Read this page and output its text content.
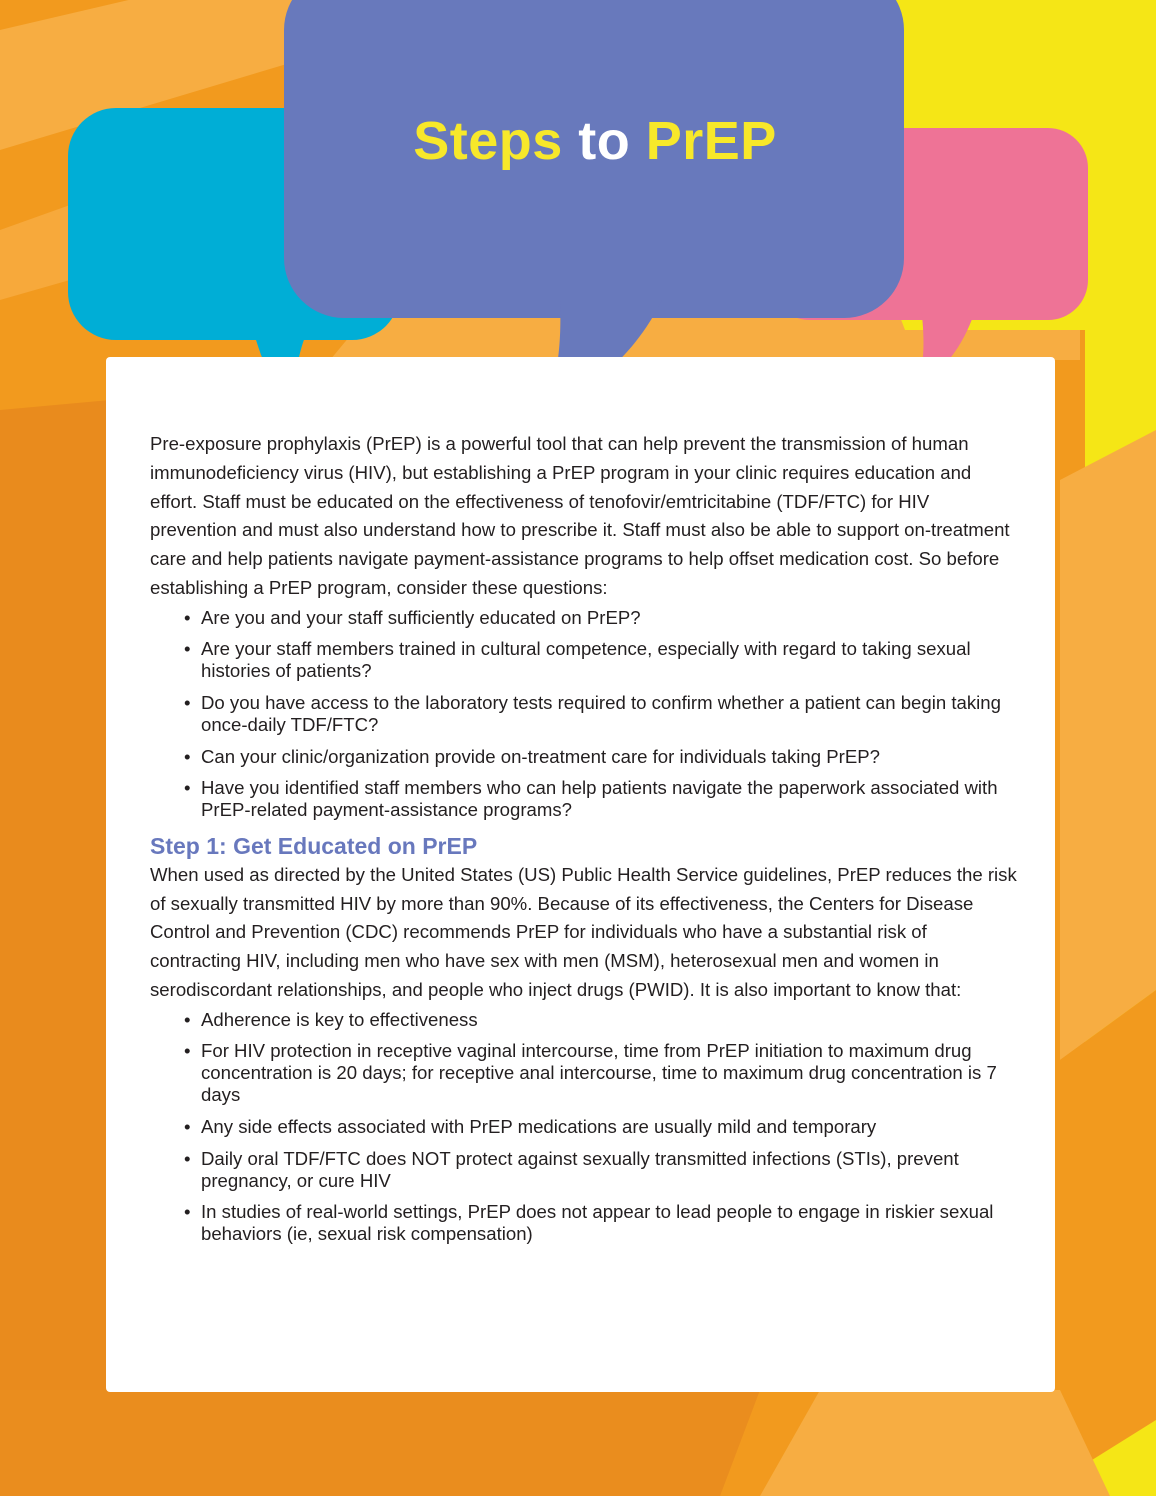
Steps to PrEP

Pre-exposure prophylaxis (PrEP) is a powerful tool that can help prevent the transmission of human immunodeficiency virus (HIV), but establishing a PrEP program in your clinic requires education and effort. Staff must be educated on the effectiveness of tenofovir/emtricitabine (TDF/FTC) for HIV prevention and must also understand how to prescribe it. Staff must also be able to support on-treatment care and help patients navigate payment-assistance programs to help offset medication cost. So before establishing a PrEP program, consider these questions:

• Are you and your staff sufficiently educated on PrEP?
• Are your staff members trained in cultural competence, especially with regard to taking sexual histories of patients?
• Do you have access to the laboratory tests required to confirm whether a patient can begin taking once-daily TDF/FTC?
• Can your clinic/organization provide on-treatment care for individuals taking PrEP?
• Have you identified staff members who can help patients navigate the paperwork associated with PrEP-related payment-assistance programs?
Step 1: Get Educated on PrEP

When used as directed by the United States (US) Public Health Service guidelines, PrEP reduces the risk of sexually transmitted HIV by more than 90%. Because of its effectiveness, the Centers for Disease Control and Prevention (CDC) recommends PrEP for individuals who have a substantial risk of contracting HIV, including men who have sex with men (MSM), heterosexual men and women in serodiscordant relationships, and people who inject drugs (PWID). It is also important to know that:

• Adherence is key to effectiveness
• For HIV protection in receptive vaginal intercourse, time from PrEP initiation to maximum drug concentration is 20 days; for receptive anal intercourse, time to maximum drug concentration is 7 days
• Any side effects associated with PrEP medications are usually mild and temporary
• Daily oral TDF/FTC does NOT protect against sexually transmitted infections (STIs), prevent pregnancy, or cure HIV
• In studies of real-world settings, PrEP does not appear to lead people to engage in riskier sexual behaviors (ie, sexual risk compensation)
